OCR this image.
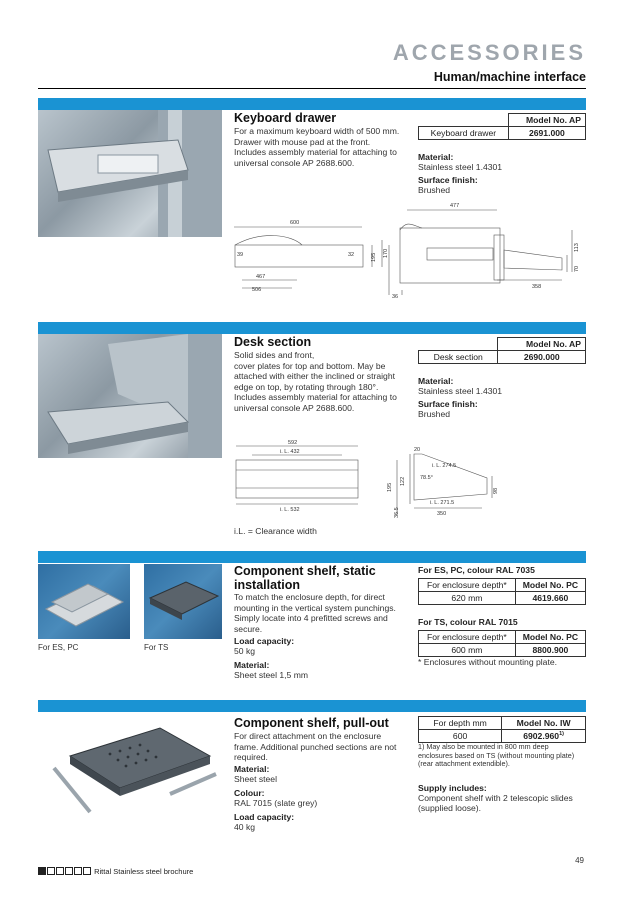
ACCESSORIES
Human/machine interface
Keyboard drawer
For a maximum keyboard width of 500 mm.
Drawer with mouse pad at the front.
Includes assembly material for attaching to
universal console AP 2688.600.
	Model No. AP
Keyboard drawer	2691.000
Material:
Stainless steel 1.4301
Surface finish:
Brushed
600
467
506
39	32
36
477
358
195 170
113
70
Desk section
Solid sides and front,
cover plates for top and bottom. May be
attached with either the inclined or straight
edge on top, by rotating through 180°.
Includes assembly material for attaching to
universal console AP 2688.600.
	Model No. AP
Desk section	2690.000
Material:
Stainless steel 1.4301
Surface finish:
Brushed
592
i. L. 432
i. L. 532
20
i. L. 274.5
78.5°
i. L. 271.5
350
195
122
36.5
98
i.L. = Clearance width
For ES, PC	For TS
Component shelf, static
installation
To match the enclosure depth, for direct
mounting in the vertical system punchings.
Simply locate into 4 prefitted screws and
secure.
Load capacity:
50 kg
Material:
Sheet steel 1,5 mm
For ES, PC, colour RAL 7035
For enclosure depth*	Model No. PC
620 mm	4619.660
For TS, colour RAL 7015
For enclosure depth*	Model No. PC
600 mm	8800.900
* Enclosures without mounting plate.
Component shelf, pull-out
For direct attachment on the enclosure
frame. Additional punched sections are not
required.
Material:
Sheet steel
Colour:
RAL 7015 (slate grey)
Load capacity:
40 kg
For depth mm	Model No. IW
600	6902.960$^{1)}$
1) May also be mounted in 800 mm deep
enclosures based on TS (without mounting plate)
(rear attachment extendible).
Supply includes:
Component shelf with 2 telescopic slides
(supplied loose).
49
Rittal Stainless steel brochure
